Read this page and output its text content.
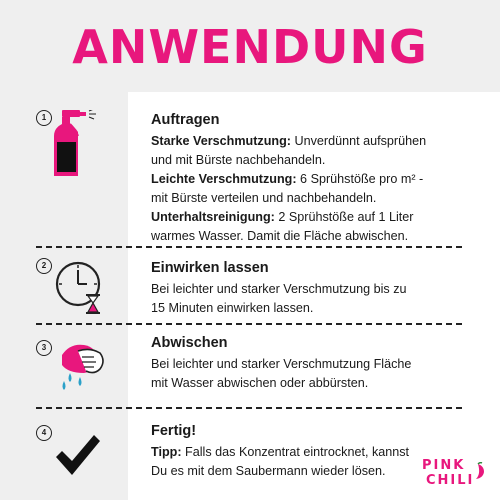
ANWENDUNG
1	Auftragen
Starke Verschmutzung: Unverdünnt aufsprühen
und mit Bürste nachbehandeln.
Leichte Verschmutzung: 6 Sprühstöße pro m² -
mit Bürste verteilen und nachbehandeln.
Unterhaltsreinigung: 2 Sprühstöße auf 1 Liter
warmes Wasser. Damit die Fläche abwischen.
2	Einwirken lassen
Bei leichter und starker Verschmutzung bis zu
15 Minuten einwirken lassen.
3	Abwischen
Bei leichter und starker Verschmutzung Fläche
mit Wasser abwischen oder abbürsten.
4	Fertig!
Tipp: Falls das Konzentrat eintrocknet, kannst
Du es mit dem Saubermann wieder lösen.	PINK
CHILI
